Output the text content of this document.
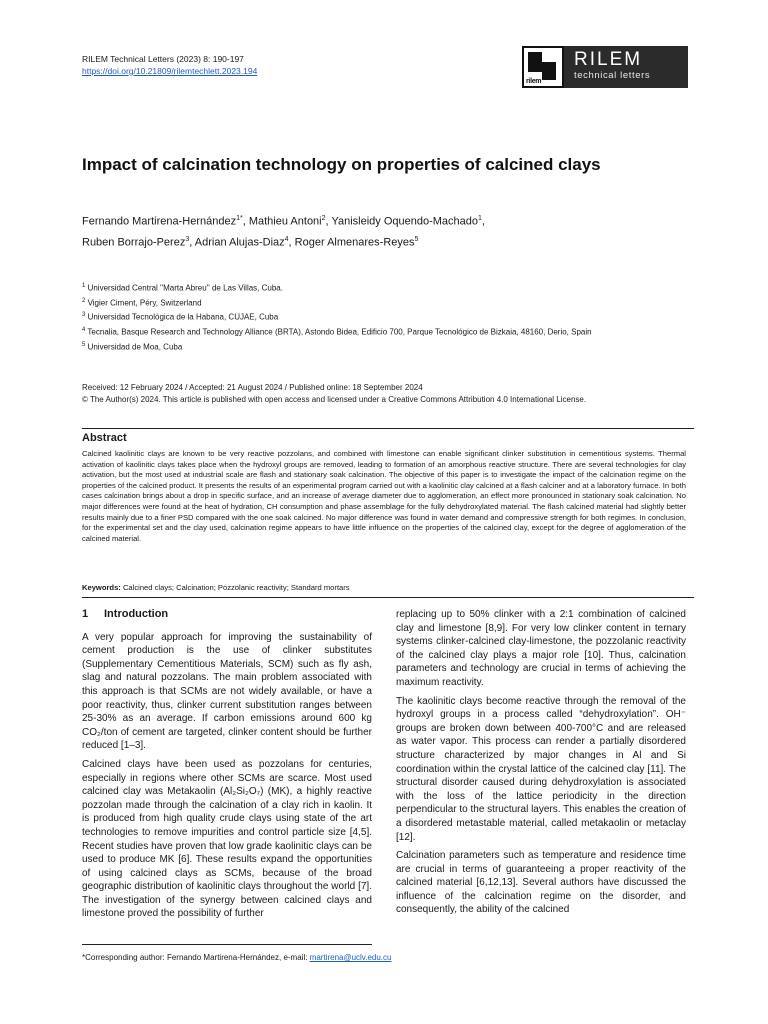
RILEM Technical Letters (2023) 8: 190-197
https://doi.org/10.21809/rilemtechlett.2023.194
rilem
RILEM
technical letters
Impact of calcination technology on properties of calcined clays
Fernando Martirena-Hernández$^{1*}$, Mathieu Antoni$^2$, Yanisleidy Oquendo-Machado$^1$,
Ruben Borrajo-Perez$^3$, Adrian Alujas-Diaz$^4$, Roger Almenares-Reyes$^5$
$^1$ Universidad Central ''Marta Abreu'' de Las Villas, Cuba.
$^2$ Vigier Ciment, Péry, Switzerland
$^3$ Universidad Tecnológica de la Habana, CUJAE, Cuba
$^4$ Tecnalia, Basque Research and Technology Alliance (BRTA), Astondo Bidea, Edificio 700, Parque Tecnológico de Bizkaia, 48160, Derio, Spain
$^5$ Universidad de Moa, Cuba
Received: 12 February 2024 / Accepted: 21 August 2024 / Published online: 18 September 2024
© The Author(s) 2024. This article is published with open access and licensed under a Creative Commons Attribution 4.0 International License.
Abstract
Calcined kaolinitic clays are known to be very reactive pozzolans, and combined with limestone can enable significant clinker substitution in cementitious systems. Thermal activation of kaolinitic clays takes place when the hydroxyl groups are removed, leading to formation of an amorphous reactive structure. There are several technologies for clay activation, but the most used at industrial scale are flash and stationary soak calcination. The objective of this paper is to investigate the impact of the calcination regime on the properties of the calcined product. It presents the results of an experimental program carried out with a kaolinitic clay calcined at a flash calciner and at a laboratory furnace. In both cases calcination brings about a drop in specific surface, and an increase of average diameter due to agglomeration, an effect more pronounced in stationary soak calcination. No major differences were found at the heat of hydration, CH consumption and phase assemblage for the fully dehydroxylated material. The flash calcined material had slightly better results mainly due to a finer PSD compared with the one soak calcined. No major difference was found in water demand and compressive strength for both regimes. In conclusion, for the experimental set and the clay used, calcination regime appears to have little influence on the properties of the calcined clay, except for the degree of agglomeration of the calcined material.
Keywords: Calcined clays; Calcination; Pozzolanic reactivity; Standard mortars
1 Introduction

A very popular approach for improving the sustainability of cement production is the use of clinker substitutes (Supplementary Cementitious Materials, SCM) such as fly ash, slag and natural pozzolans. The main problem associated with this approach is that SCMs are not widely available, or have a poor reactivity, thus, clinker current substitution ranges between 25-30% as an average. If carbon emissions around 600 kg CO₂/ton of cement are targeted, clinker content should be further reduced [1–3].

Calcined clays have been used as pozzolans for centuries, especially in regions where other SCMs are scarce. Most used calcined clay was Metakaolin (Al₂Si₂O₇) (MK), a highly reactive pozzolan made through the calcination of a clay rich in kaolin. It is produced from high quality crude clays using state of the art technologies to remove impurities and control particle size [4,5]. Recent studies have proven that low grade kaolinitic clays can be used to produce MK [6]. These results expand the opportunities of using calcined clays as SCMs, because of the broad geographic distribution of kaolinitic clays throughout the world [7]. The investigation of the synergy between calcined clays and limestone proved the possibility of further

replacing up to 50% clinker with a 2:1 combination of calcined clay and limestone [8,9]. For very low clinker content in ternary systems clinker-calcined clay-limestone, the pozzolanic reactivity of the calcined clay plays a major role [10]. Thus, calcination parameters and technology are crucial in terms of achieving the maximum reactivity.

The kaolinitic clays become reactive through the removal of the hydroxyl groups in a process called “dehydroxylation”. OH⁻ groups are broken down between 400-700°C and are released as water vapor. This process can render a partially disordered structure characterized by major changes in Al and Si coordination within the crystal lattice of the calcined clay [11]. The structural disorder caused during dehydroxylation is associated with the loss of the lattice periodicity in the direction perpendicular to the structural layers. This enables the creation of a disordered metastable material, called metakaolin or metaclay [12].

Calcination parameters such as temperature and residence time are crucial in terms of guaranteeing a proper reactivity of the calcined material [6,12,13]. Several authors have discussed the influence of the calcination regime on the disorder, and consequently, the ability of the calcined

*Corresponding author: Fernando Martirena-Hernández, e-mail: martirena@uclv.edu.cu
